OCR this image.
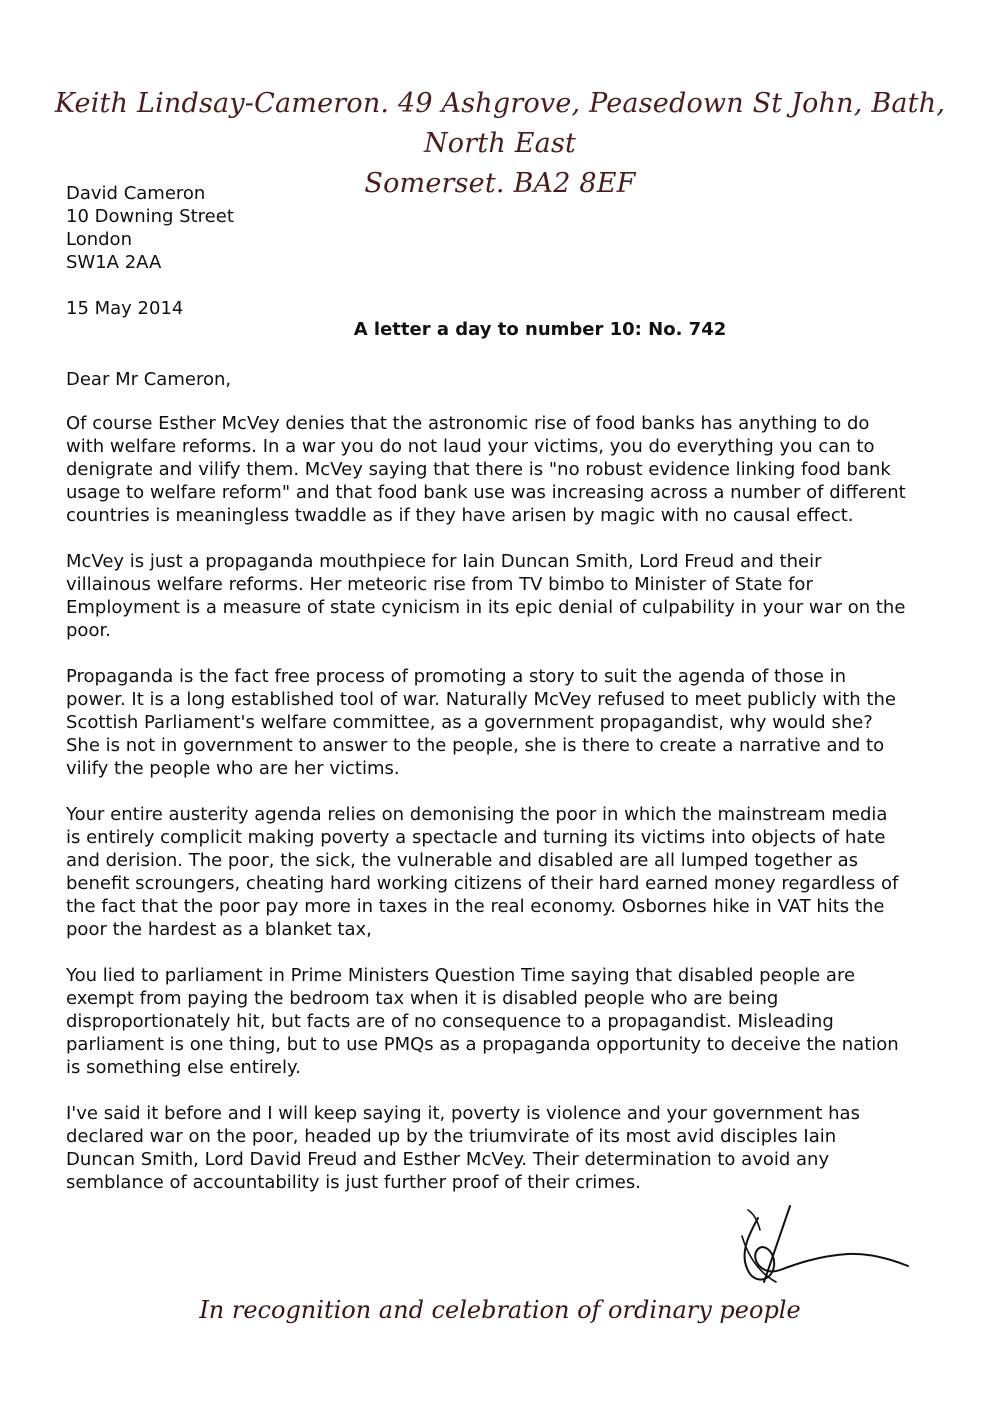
Keith Lindsay-Cameron. 49 Ashgrove, Peasedown St John, Bath, North East
Somerset. BA2 8EF
David Cameron
10 Downing Street
London
SW1A 2AA
15 May 2014
A letter a day to number 10: No. 742
Dear Mr Cameron,

Of course Esther McVey denies that the astronomic rise of food banks has anything to do with welfare reforms. In a war you do not laud your victims, you do everything you can to denigrate and vilify them. McVey saying that there is "no robust evidence linking food bank usage to welfare reform" and that food bank use was increasing across a number of different countries is meaningless twaddle as if they have arisen by magic with no causal effect.

McVey is just a propaganda mouthpiece for Iain Duncan Smith, Lord Freud and their villainous welfare reforms. Her meteoric rise from TV bimbo to Minister of State for Employment is a measure of state cynicism in its epic denial of culpability in your war on the poor.

Propaganda is the fact free process of promoting a story to suit the agenda of those in power. It is a long established tool of war. Naturally McVey refused to meet publicly with the Scottish Parliament's welfare committee, as a government propagandist, why would she? She is not in government to answer to the people, she is there to create a narrative and to vilify the people who are her victims.

Your entire austerity agenda relies on demonising the poor in which the mainstream media is entirely complicit making poverty a spectacle and turning its victims into objects of hate and derision. The poor, the sick, the vulnerable and disabled are all lumped together as benefit scroungers, cheating hard working citizens of their hard earned money regardless of the fact that the poor pay more in taxes in the real economy. Osbornes hike in VAT hits the poor the hardest as a blanket tax,

You lied to parliament in Prime Ministers Question Time saying that disabled people are exempt from paying the bedroom tax when it is disabled people who are being disproportionately hit, but facts are of no consequence to a propagandist. Misleading parliament is one thing, but to use PMQs as a propaganda opportunity to deceive the nation is something else entirely.

I've said it before and I will keep saying it, poverty is violence and your government has declared war on the poor, headed up by the triumvirate of its most avid disciples Iain Duncan Smith, Lord David Freud and Esther McVey. Their determination to avoid any semblance of accountability is just further proof of their crimes.

In recognition and celebration of ordinary people
